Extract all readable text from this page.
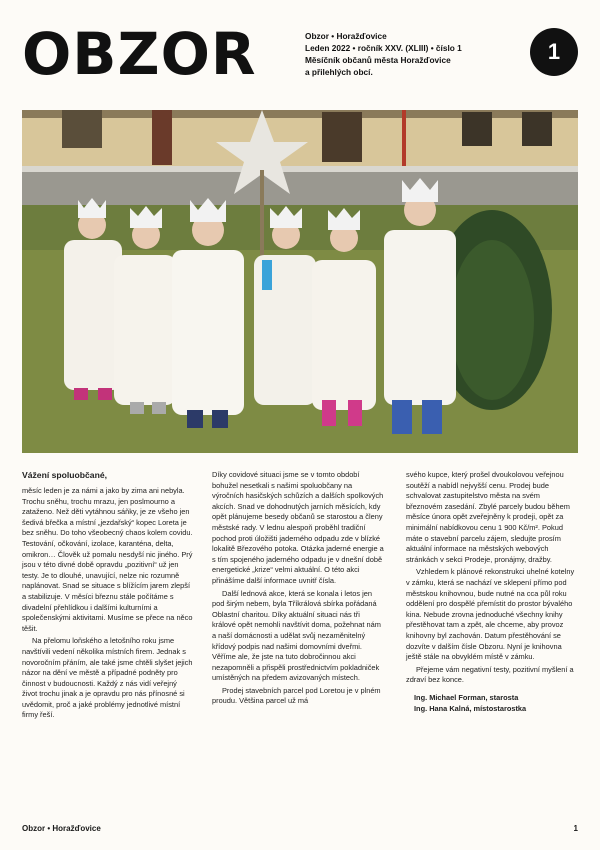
OBZOR	Obzor • Horažďovice
Leden 2022 • ročník XXV. (XLIII) • číslo 1
Měsíčník občanů města Horažďovice
a přilehlých obcí.
1
Vážení spoluobčané,

měsíc leden je za námi a jako by zima ani nebyla. Trochu sněhu, trochu mrazu, jen poslmourno a zataženo. Než děti vytáhnou sáňky, je ze všeho jen šedivá břečka a místní „jezdařský“ kopec Loreta je bez sněhu. Do toho všeobecný chaos kolem covidu. Testování, očkování, izolace, karanténa, delta, omikron… Člověk už pomalu nesdyší nic jiného. Prý jsou v této divné době opravdu „pozitivní“ už jen testy. Je to dlouhé, unavující, nelze nic rozumně naplánovat. Snad se situace s blížícím jarem zlepší a stabilizuje. V měsíci březnu stále počítáme s divadelní přehlídkou i dalšími kulturními a společenskými aktivitami. Musíme se přece na něco těšit.

Na přelomu loňského a letošního roku jsme navštívili vedení několika místních firem. Jednak s novoročním přáním, ale také jsme chtěli slyšet jejich názor na dění ve městě a případné podněty pro činnost v budoucnosti. Každý z nás vidí veřejný život trochu jinak a je opravdu pro nás přínosné si uvědomit, proč a jaké problémy jednotlivé místní firmy řeší.

Díky covidové situaci jsme se v tomto období bohužel nesetkali s našimi spoluobčany na výročních hasičských schůzích a dalších spolkových akcích. Snad ve dohodnutých jarních měsících, kdy opět plánujeme besedy občanů se starostou a členy městské rady. V lednu alespoň proběhl tradiční pochod proti úložišti jaderného odpadu zde v blízké lokalitě Březového potoka. Otázka jaderné energie a s tím spojeného jaderného odpadu je v dnešní době energetické „krize“ velmi aktuální. O této akci přinášíme další informace uvnitř čísla.

Další lednová akce, která se konala i letos jen pod širým nebem, byla Tříkrálová sbírka pořádaná Oblastní charitou. Díky aktuální situaci nás tři králové opět nemohli navštívit doma, požehnat nám a naší domácnosti a udělat svůj nezaměnitelný křídový podpis nad našimi domovními dveřmi. Věříme ale, že jste na tuto dobročinnou akci nezapomněli a přispěli prostřednictvím pokladniček umístěných na předem avizovaných místech.

Prodej stavebních parcel pod Loretou je v plném proudu. Většina parcel už má

svého kupce, který prošel dvoukolovou veřejnou soutěží a nabídl nejvyšší cenu. Prodej bude schvalovat zastupitelstvo města na svém březnovém zasedání. Zbylé parcely budou během měsíce února opět zveřejněny k prodeji, opět za minimální nabídkovou cenu 1 900 Kč/m². Pokud máte o stavební parcelu zájem, sledujte prosím aktuální informace na městských webových stránkách v sekci Prodeje, pronájmy, dražby.

Vzhledem k plánové rekonstrukci uhelné kotelny v zámku, která se nachází ve sklepení přímo pod městskou knihovnou, bude nutné na cca půl roku oddělení pro dospělé přemístit do prostor bývalého kina. Nebude zrovna jednoduché všechny knihy přestěhovat tam a zpět, ale chceme, aby provoz knihovny byl zachován. Datum přestěhování se dozvíte v dalším čísle Obzoru. Nyní je knihovna ještě stále na obvyklém místě v zámku.

Přejeme vám negativní testy, pozitivní myšlení a zdraví bez konce.

Ing. Michael Forman, starosta
Ing. Hana Kalná, místostarostka
Obzor • Horažďovice	1
